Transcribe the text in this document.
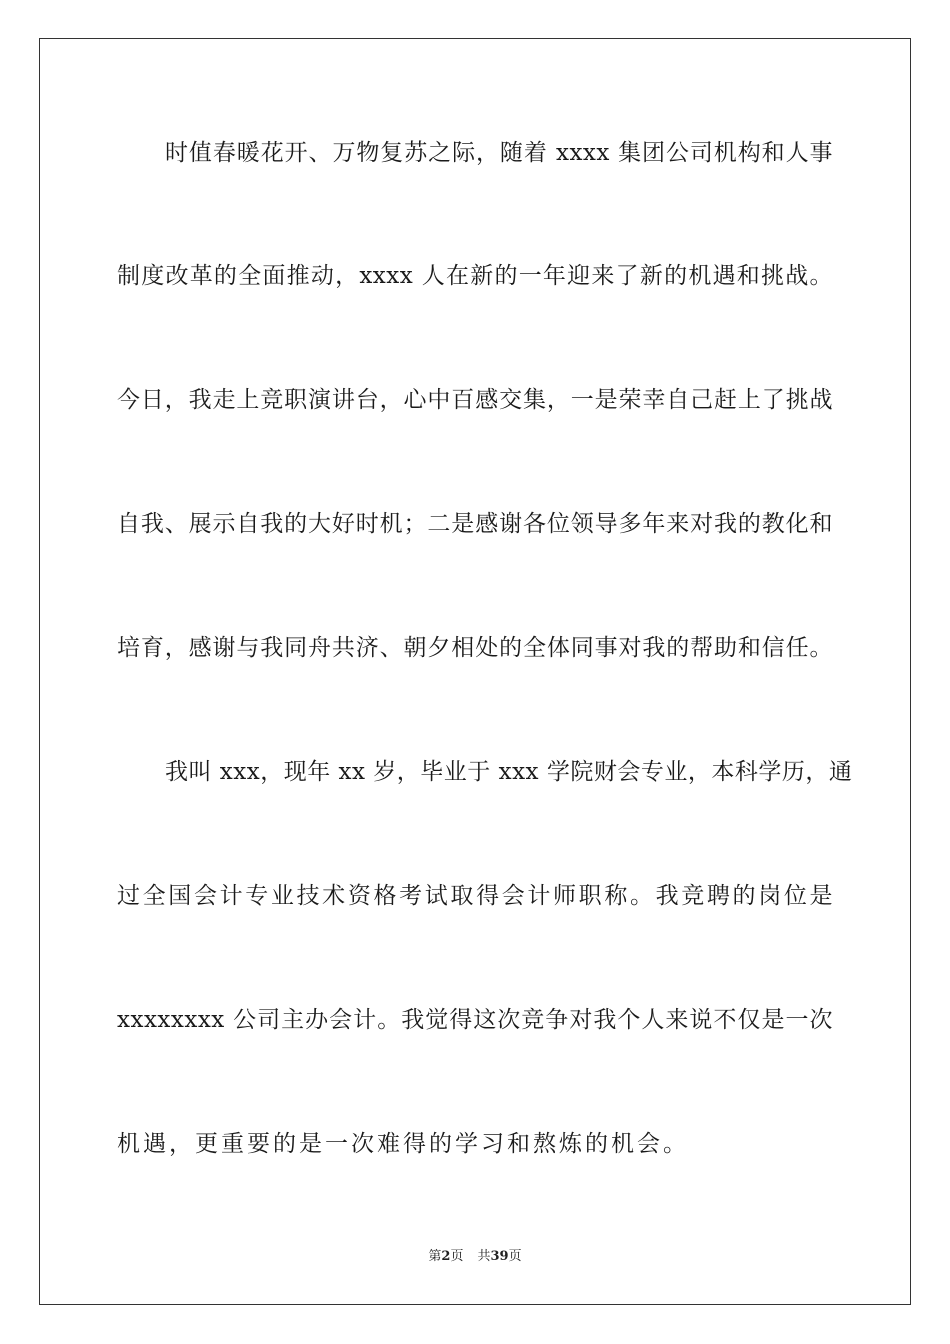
时值春暖花开、万物复苏之际，随着 xxxx 集团公司机构和人事
制度改革的全面推动，xxxx 人在新的一年迎来了新的机遇和挑战。
今日，我走上竞职演讲台，心中百感交集，一是荣幸自己赶上了挑战
自我、展示自我的大好时机；二是感谢各位领导多年来对我的教化和
培育，感谢与我同舟共济、朝夕相处的全体同事对我的帮助和信任。
我叫 xxx，现年 xx 岁，毕业于 xxx 学院财会专业，本科学历，通
过全国会计专业技术资格考试取得会计师职称。我竞聘的岗位是
xxxxxxxx 公司主办会计。我觉得这次竞争对我个人来说不仅是一次
机遇，更重要的是一次难得的学习和熬炼的机会。
第2页 共39页
